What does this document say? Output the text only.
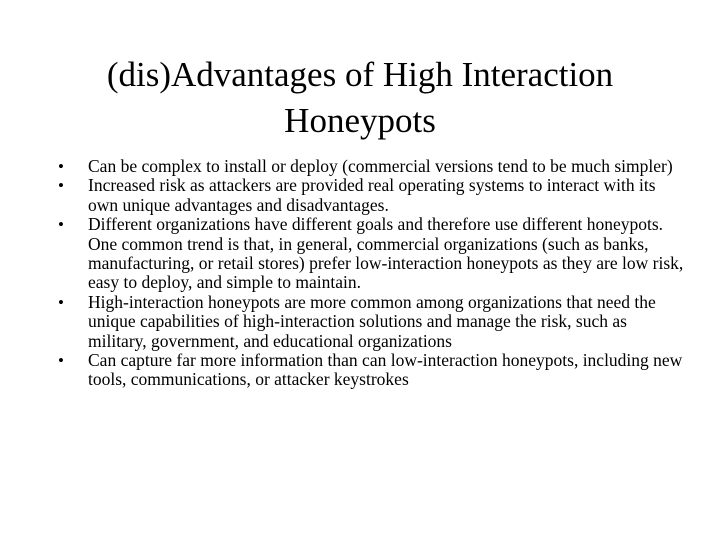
(dis)Advantages of High Interaction
Honeypots
• Can be complex to install or deploy (commercial versions tend to be much simpler)
• Increased risk as attackers are provided real operating systems to interact with its own unique advantages and disadvantages.
• Different organizations have different goals and therefore use different honeypots. One common trend is that, in general, commercial organizations (such as banks, manufacturing, or retail stores) prefer low-interaction honeypots as they are low risk, easy to deploy, and simple to maintain.
• High-interaction honeypots are more common among organizations that need the unique capabilities of high-interaction solutions and manage the risk, such as military, government, and educational organizations
• Can capture far more information than can low-interaction honeypots, including new tools, communications, or attacker keystrokes
